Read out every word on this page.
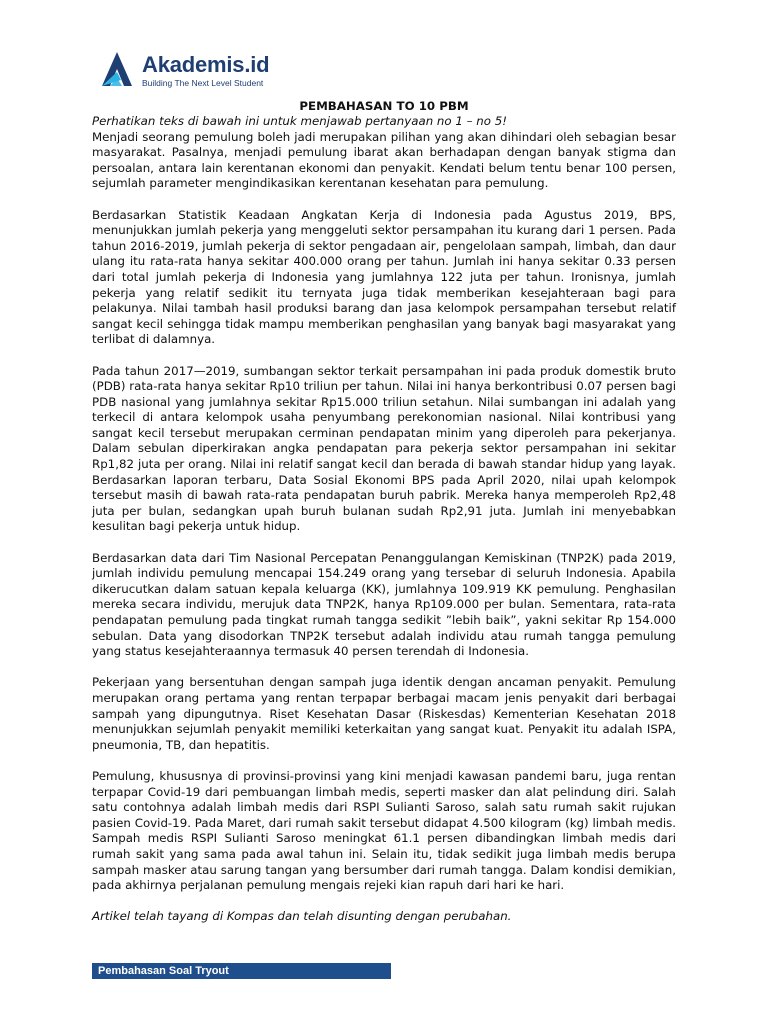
Akademis.id
Building The Next Level Student

PEMBAHASAN TO 10 PBM

Perhatikan teks di bawah ini untuk menjawab pertanyaan no 1 – no 5!

Menjadi seorang pemulung boleh jadi merupakan pilihan yang akan dihindari oleh sebagian besar masyarakat. Pasalnya, menjadi pemulung ibarat akan berhadapan dengan banyak stigma dan persoalan, antara lain kerentanan ekonomi dan penyakit. Kendati belum tentu benar 100 persen, sejumlah parameter mengindikasikan kerentanan kesehatan para pemulung.

Berdasarkan Statistik Keadaan Angkatan Kerja di Indonesia pada Agustus 2019, BPS, menunjukkan jumlah pekerja yang menggeluti sektor persampahan itu kurang dari 1 persen. Pada tahun 2016-2019, jumlah pekerja di sektor pengadaan air, pengelolaan sampah, limbah, dan daur ulang itu rata-rata hanya sekitar 400.000 orang per tahun. Jumlah ini hanya sekitar 0.33 persen dari total jumlah pekerja di Indonesia yang jumlahnya 122 juta per tahun. Ironisnya, jumlah pekerja yang relatif sedikit itu ternyata juga tidak memberikan kesejahteraan bagi para pelakunya. Nilai tambah hasil produksi barang dan jasa kelompok persampahan tersebut relatif sangat kecil sehingga tidak mampu memberikan penghasilan yang banyak bagi masyarakat yang terlibat di dalamnya.

Pada tahun 2017—2019, sumbangan sektor terkait persampahan ini pada produk domestik bruto (PDB) rata-rata hanya sekitar Rp10 triliun per tahun. Nilai ini hanya berkontribusi 0.07 persen bagi PDB nasional yang jumlahnya sekitar Rp15.000 triliun setahun. Nilai sumbangan ini adalah yang terkecil di antara kelompok usaha penyumbang perekonomian nasional. Nilai kontribusi yang sangat kecil tersebut merupakan cerminan pendapatan minim yang diperoleh para pekerjanya. Dalam sebulan diperkirakan angka pendapatan para pekerja sektor persampahan ini sekitar Rp1,82 juta per orang. Nilai ini relatif sangat kecil dan berada di bawah standar hidup yang layak. Berdasarkan laporan terbaru, Data Sosial Ekonomi BPS pada April 2020, nilai upah kelompok tersebut masih di bawah rata-rata pendapatan buruh pabrik. Mereka hanya memperoleh Rp2,48 juta per bulan, sedangkan upah buruh bulanan sudah Rp2,91 juta. Jumlah ini menyebabkan kesulitan bagi pekerja untuk hidup.

Berdasarkan data dari Tim Nasional Percepatan Penanggulangan Kemiskinan (TNP2K) pada 2019, jumlah individu pemulung mencapai 154.249 orang yang tersebar di seluruh Indonesia. Apabila dikerucutkan dalam satuan kepala keluarga (KK), jumlahnya 109.919 KK pemulung. Penghasilan mereka secara individu, merujuk data TNP2K, hanya Rp109.000 per bulan. Sementara, rata-rata pendapatan pemulung pada tingkat rumah tangga sedikit ”lebih baik”, yakni sekitar Rp 154.000 sebulan. Data yang disodorkan TNP2K tersebut adalah individu atau rumah tangga pemulung yang status kesejahteraannya termasuk 40 persen terendah di Indonesia.

Pekerjaan yang bersentuhan dengan sampah juga identik dengan ancaman penyakit. Pemulung merupakan orang pertama yang rentan terpapar berbagai macam jenis penyakit dari berbagai sampah yang dipungutnya. Riset Kesehatan Dasar (Riskesdas) Kementerian Kesehatan 2018 menunjukkan sejumlah penyakit memiliki keterkaitan yang sangat kuat. Penyakit itu adalah ISPA, pneumonia, TB, dan hepatitis.

Pemulung, khususnya di provinsi-provinsi yang kini menjadi kawasan pandemi baru, juga rentan terpapar Covid-19 dari pembuangan limbah medis, seperti masker dan alat pelindung diri. Salah satu contohnya adalah limbah medis dari RSPI Sulianti Saroso, salah satu rumah sakit rujukan pasien Covid-19. Pada Maret, dari rumah sakit tersebut didapat 4.500 kilogram (kg) limbah medis. Sampah medis RSPI Sulianti Saroso meningkat 61.1 persen dibandingkan limbah medis dari rumah sakit yang sama pada awal tahun ini. Selain itu, tidak sedikit juga limbah medis berupa sampah masker atau sarung tangan yang bersumber dari rumah tangga. Dalam kondisi demikian, pada akhirnya perjalanan pemulung mengais rejeki kian rapuh dari hari ke hari.

Artikel telah tayang di Kompas dan telah disunting dengan perubahan.

Pembahasan Soal Tryout
